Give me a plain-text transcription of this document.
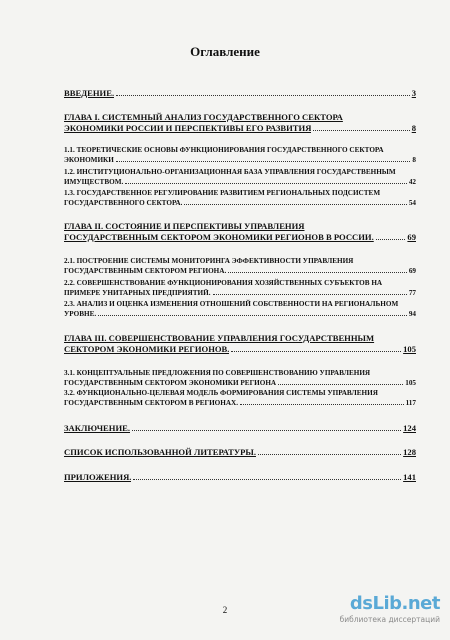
Оглавление
ВВЕДЕНИЕ.	3
ГЛАВА I. СИСТЕМНЫЙ АНАЛИЗ ГОСУДАРСТВЕННОГО СЕКТОРА
ЭКОНОМИКИ РОССИИ И ПЕРСПЕКТИВЫ ЕГО РАЗВИТИЯ	8
1.1. ТЕОРЕТИЧЕСКИЕ ОСНОВЫ ФУНКЦИОНИРОВАНИЯ ГОСУДАРСТВЕННОГО СЕКТОРА
ЭКОНОМИКИ	8
1.2. ИНСТИТУЦИОНАЛЬНО-ОРГАНИЗАЦИОННАЯ БАЗА УПРАВЛЕНИЯ ГОСУДАРСТВЕННЫМ
ИМУЩЕСТВОМ.	42
1.3. ГОСУДАРСТВЕННОЕ РЕГУЛИРОВАНИЕ РАЗВИТИЕМ РЕГИОНАЛЬНЫХ ПОДСИСТЕМ
ГОСУДАРСТВЕННОГО СЕКТОРА.	54
ГЛАВА II. СОСТОЯНИЕ И ПЕРСПЕКТИВЫ УПРАВЛЕНИЯ
ГОСУДАРСТВЕННЫМ СЕКТОРОМ ЭКОНОМИКИ РЕГИОНОВ В РОССИИ.	69
2.1. ПОСТРОЕНИЕ СИСТЕМЫ МОНИТОРИНГА ЭФФЕКТИВНОСТИ УПРАВЛЕНИЯ
ГОСУДАРСТВЕННЫМ СЕКТОРОМ РЕГИОНА.	69
2.2. СОВЕРШЕНСТВОВАНИЕ ФУНКЦИОНИРОВАНИЯ ХОЗЯЙСТВЕННЫХ СУБЪЕКТОВ НА
ПРИМЕРЕ УНИТАРНЫХ ПРЕДПРИЯТИЙ.	77
2.3. АНАЛИЗ И ОЦЕНКА ИЗМЕНЕНИЯ ОТНОШЕНИЙ СОБСТВЕННОСТИ НА РЕГИОНАЛЬНОМ
УРОВНЕ.	94
ГЛАВА III. СОВЕРШЕНСТВОВАНИЕ УПРАВЛЕНИЯ ГОСУДАРСТВЕННЫМ
СЕКТОРОМ ЭКОНОМИКИ РЕГИОНОВ.	105
3.1. КОНЦЕПТУАЛЬНЫЕ ПРЕДЛОЖЕНИЯ ПО СОВЕРШЕНСТВОВАНИЮ УПРАВЛЕНИЯ
ГОСУДАРСТВЕННЫМ СЕКТОРОМ ЭКОНОМИКИ РЕГИОНА	105
3.2. ФУНКЦИОНАЛЬНО-ЦЕЛЕВАЯ МОДЕЛЬ ФОРМИРОВАНИЯ СИСТЕМЫ УПРАВЛЕНИЯ
ГОСУДАРСТВЕННЫМ СЕКТОРОМ В РЕГИОНАХ.	117
ЗАКЛЮЧЕНИЕ.	124
СПИСОК ИСПОЛЬЗОВАННОЙ ЛИТЕРАТУРЫ.	128
ПРИЛОЖЕНИЯ.	141
2	dsLib.net
библиотека диссертаций
